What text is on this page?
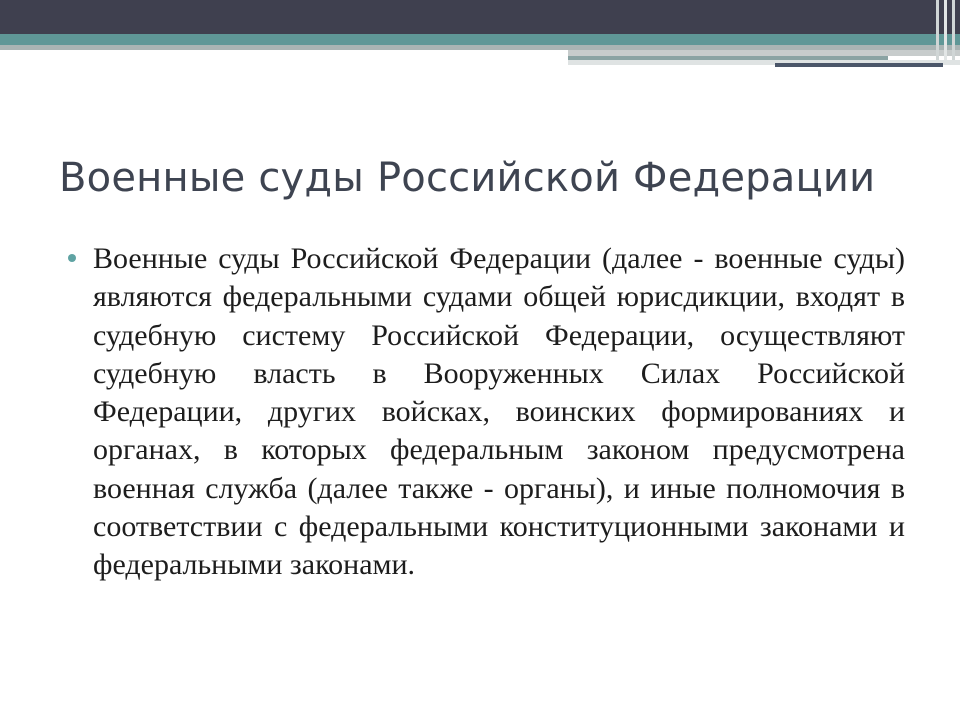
Военные суды Российской Федерации
Военные суды Российской Федерации (далее - военные суды) являются федеральными судами общей юрисдикции, входят в судебную систему Российской Федерации, осуществляют судебную власть в Вооруженных Силах Российской Федерации, других войсках, воинских формированиях и органах, в которых федеральным законом предусмотрена военная служба (далее также - органы), и иные полномочия в соответствии с федеральными конституционными законами и федеральными законами.
